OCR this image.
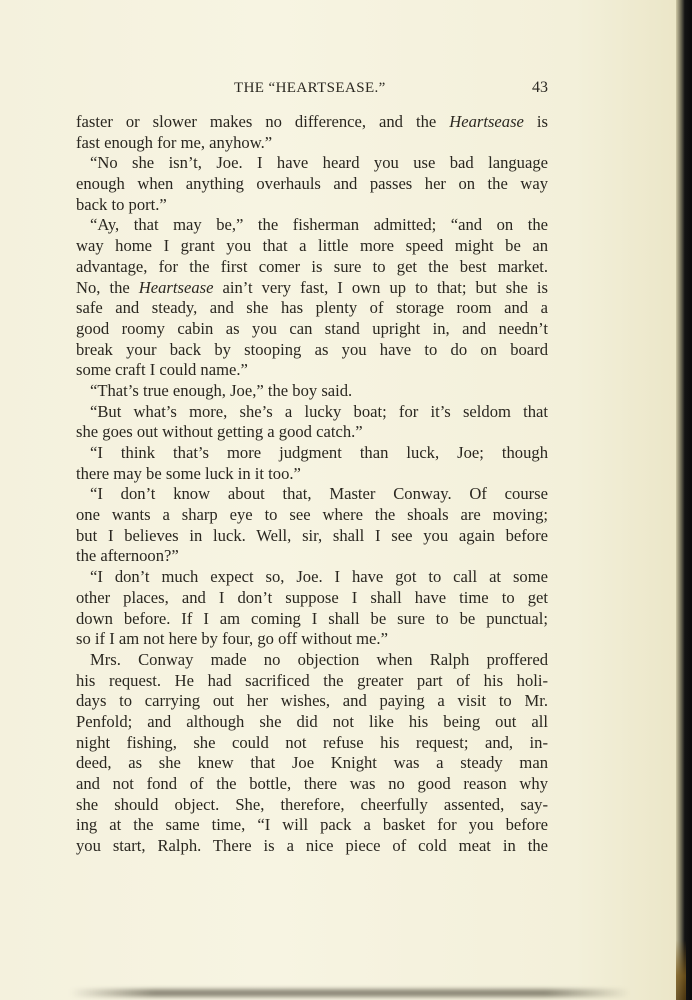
THE “HEARTSEASE.”	43
faster or slower makes no difference, and the Heartsease is
fast enough for me, anyhow.”
“No she isn’t, Joe. I have heard you use bad language
enough when anything overhauls and passes her on the way
back to port.”
“Ay, that may be,” the fisherman admitted; “and on the
way home I grant you that a little more speed might be an
advantage, for the first comer is sure to get the best market.
No, the Heartsease ain’t very fast, I own up to that; but she is
safe and steady, and she has plenty of storage room and a
good roomy cabin as you can stand upright in, and needn’t
break your back by stooping as you have to do on board
some craft I could name.”
“That’s true enough, Joe,” the boy said.
“But what’s more, she’s a lucky boat; for it’s seldom that
she goes out without getting a good catch.”
“I think that’s more judgment than luck, Joe; though
there may be some luck in it too.”
“I don’t know about that, Master Conway. Of course
one wants a sharp eye to see where the shoals are moving;
but I believes in luck. Well, sir, shall I see you again before
the afternoon?”
“I don’t much expect so, Joe. I have got to call at some
other places, and I don’t suppose I shall have time to get
down before. If I am coming I shall be sure to be punctual;
so if I am not here by four, go off without me.”
Mrs. Conway made no objection when Ralph proffered
his request. He had sacrificed the greater part of his holi-
days to carrying out her wishes, and paying a visit to Mr.
Penfold; and although she did not like his being out all
night fishing, she could not refuse his request; and, in-
deed, as she knew that Joe Knight was a steady man
and not fond of the bottle, there was no good reason why
she should object. She, therefore, cheerfully assented, say-
ing at the same time, “I will pack a basket for you before
you start, Ralph. There is a nice piece of cold meat in the
